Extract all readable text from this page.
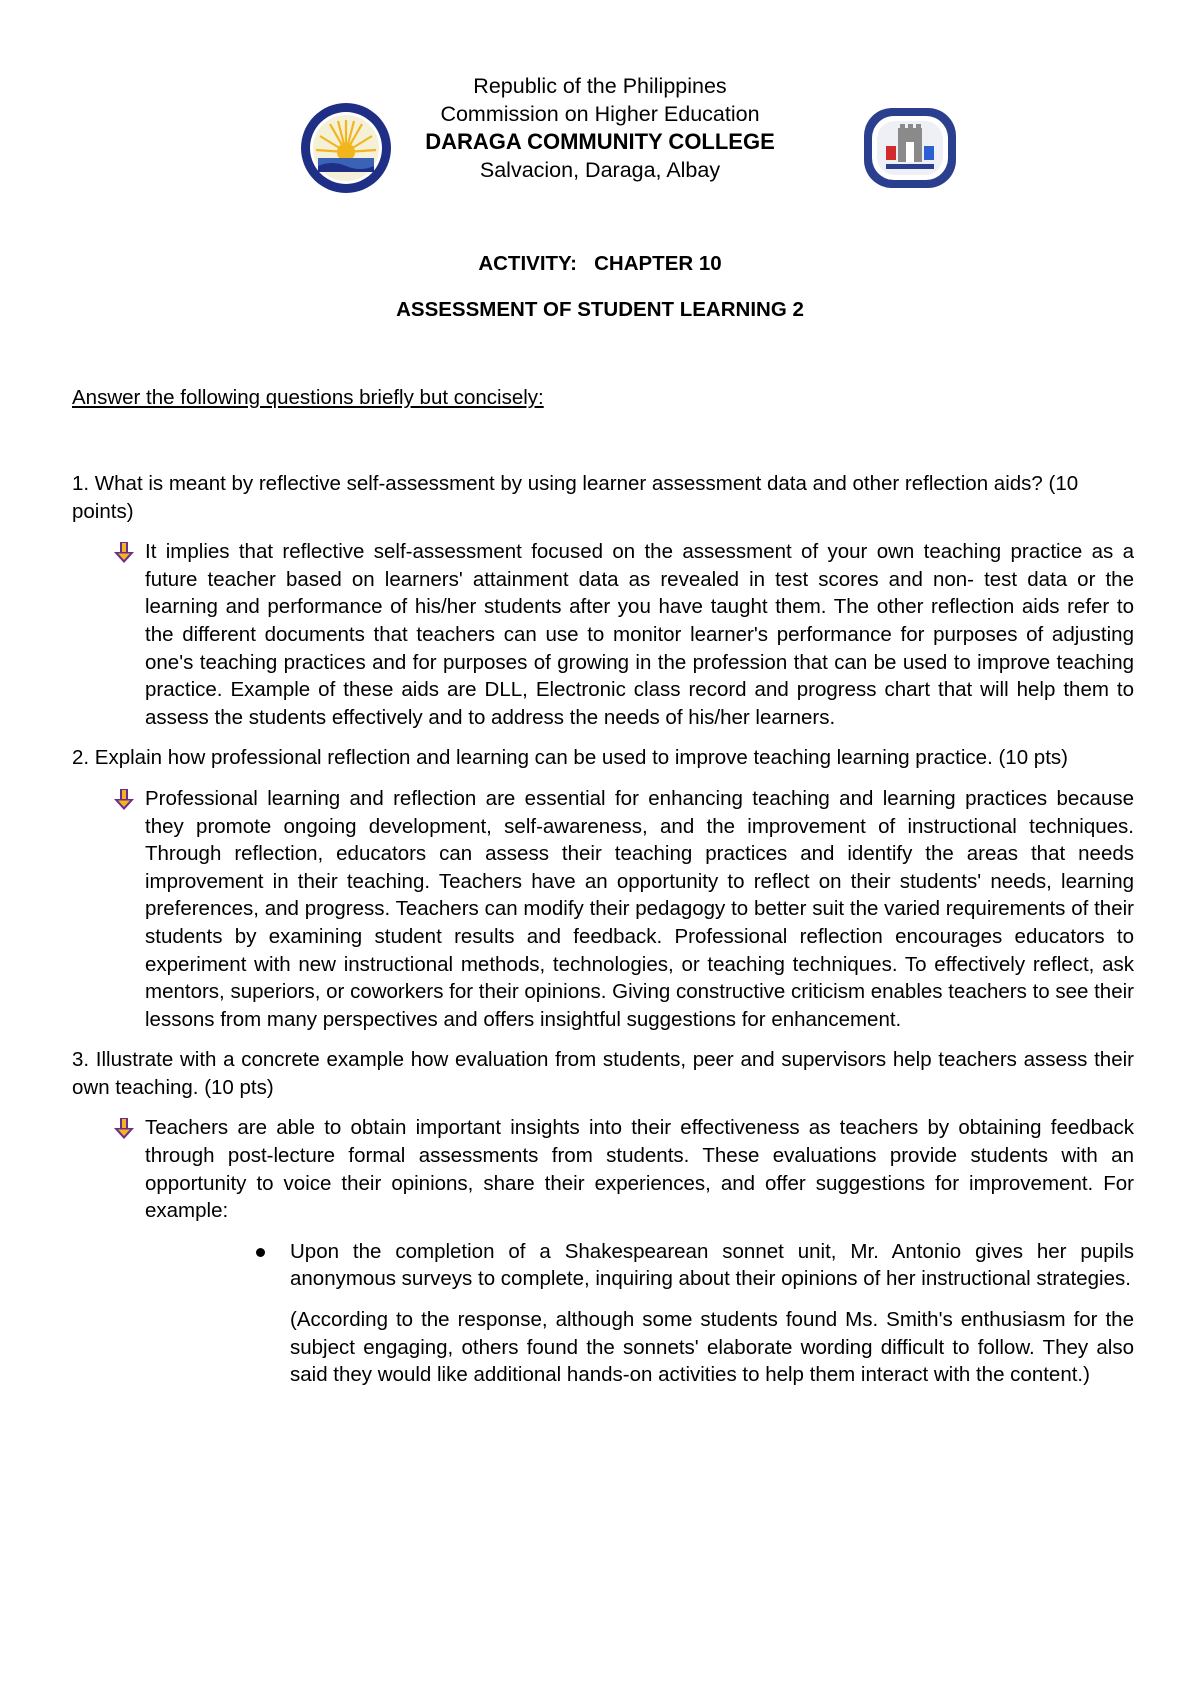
Republic of the Philippines
Commission on Higher Education
DARAGA COMMUNITY COLLEGE
Salvacion, Daraga, Albay
ACTIVITY:   CHAPTER 10
ASSESSMENT OF STUDENT LEARNING 2
Answer the following questions briefly but concisely:

1. What is meant by reflective self-assessment by using learner assessment data and other reflection aids? (10 points)

It implies that reflective self-assessment focused on the assessment of your own teaching practice as a future teacher based on learners' attainment data as revealed in test scores and non- test data or the learning and performance of his/her students after you have taught them. The other reflection aids refer to the different documents that teachers can use to monitor learner's performance for purposes of adjusting one's teaching practices and for purposes of growing in the profession that can be used to improve teaching practice. Example of these aids are DLL, Electronic class record and progress chart that will help them to assess the students effectively and to address the needs of his/her learners.

2. Explain how professional reflection and learning can be used to improve teaching learning practice. (10 pts)

Professional learning and reflection are essential for enhancing teaching and learning practices because they promote ongoing development, self-awareness, and the improvement of instructional techniques. Through reflection, educators can assess their teaching practices and identify the areas that needs improvement in their teaching. Teachers have an opportunity to reflect on their students' needs, learning preferences, and progress. Teachers can modify their pedagogy to better suit the varied requirements of their students by examining student results and feedback. Professional reflection encourages educators to experiment with new instructional methods, technologies, or teaching techniques. To effectively reflect, ask mentors, superiors, or coworkers for their opinions. Giving constructive criticism enables teachers to see their lessons from many perspectives and offers insightful suggestions for enhancement.

3. Illustrate with a concrete example how evaluation from students, peer and supervisors help teachers assess their own teaching. (10 pts)

Teachers are able to obtain important insights into their effectiveness as teachers by obtaining feedback through post-lecture formal assessments from students. These evaluations provide students with an opportunity to voice their opinions, share their experiences, and offer suggestions for improvement. For example:
Upon the completion of a Shakespearean sonnet unit, Mr. Antonio gives her pupils anonymous surveys to complete, inquiring about their opinions of her instructional strategies.
(According to the response, although some students found Ms. Smith's enthusiasm for the subject engaging, others found the sonnets' elaborate wording difficult to follow. They also said they would like additional hands-on activities to help them interact with the content.)
